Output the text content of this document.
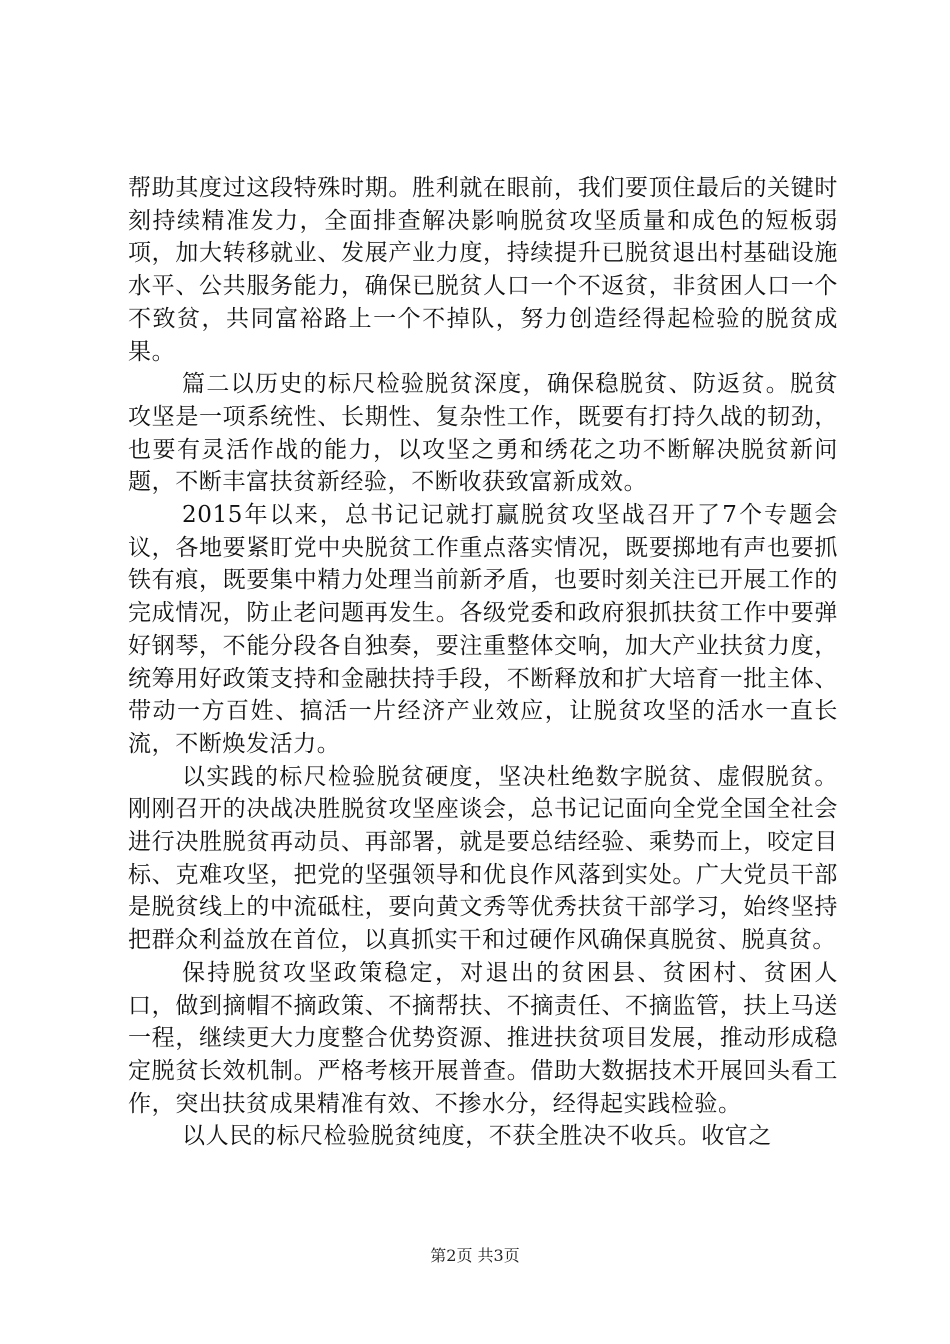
帮助其度过这段特殊时期。胜利就在眼前，我们要顶住最后的关键时刻持续精准发力，全面排查解决影响脱贫攻坚质量和成色的短板弱项，加大转移就业、发展产业力度，持续提升已脱贫退出村基础设施水平、公共服务能力，确保已脱贫人口一个不返贫，非贫困人口一个不致贫，共同富裕路上一个不掉队，努力创造经得起检验的脱贫成果。

篇二以历史的标尺检验脱贫深度，确保稳脱贫、防返贫。脱贫攻坚是一项系统性、长期性、复杂性工作，既要有打持久战的韧劲，也要有灵活作战的能力，以攻坚之勇和绣花之功不断解决脱贫新问题，不断丰富扶贫新经验，不断收获致富新成效。

2015年以来，总书记记就打赢脱贫攻坚战召开了7个专题会议，各地要紧盯党中央脱贫工作重点落实情况，既要掷地有声也要抓铁有痕，既要集中精力处理当前新矛盾，也要时刻关注已开展工作的完成情况，防止老问题再发生。各级党委和政府狠抓扶贫工作中要弹好钢琴，不能分段各自独奏，要注重整体交响，加大产业扶贫力度，统筹用好政策支持和金融扶持手段，不断释放和扩大培育一批主体、带动一方百姓、搞活一片经济产业效应，让脱贫攻坚的活水一直长流，不断焕发活力。

以实践的标尺检验脱贫硬度，坚决杜绝数字脱贫、虚假脱贫。刚刚召开的决战决胜脱贫攻坚座谈会，总书记记面向全党全国全社会进行决胜脱贫再动员、再部署，就是要总结经验、乘势而上，咬定目标、克难攻坚，把党的坚强领导和优良作风落到实处。广大党员干部是脱贫线上的中流砥柱，要向黄文秀等优秀扶贫干部学习，始终坚持把群众利益放在首位，以真抓实干和过硬作风确保真脱贫、脱真贫。

保持脱贫攻坚政策稳定，对退出的贫困县、贫困村、贫困人口，做到摘帽不摘政策、不摘帮扶、不摘责任、不摘监管，扶上马送一程，继续更大力度整合优势资源、推进扶贫项目发展，推动形成稳定脱贫长效机制。严格考核开展普查。借助大数据技术开展回头看工作，突出扶贫成果精准有效、不掺水分，经得起实践检验。

以人民的标尺检验脱贫纯度，不获全胜决不收兵。收官之

第2页 共3页
